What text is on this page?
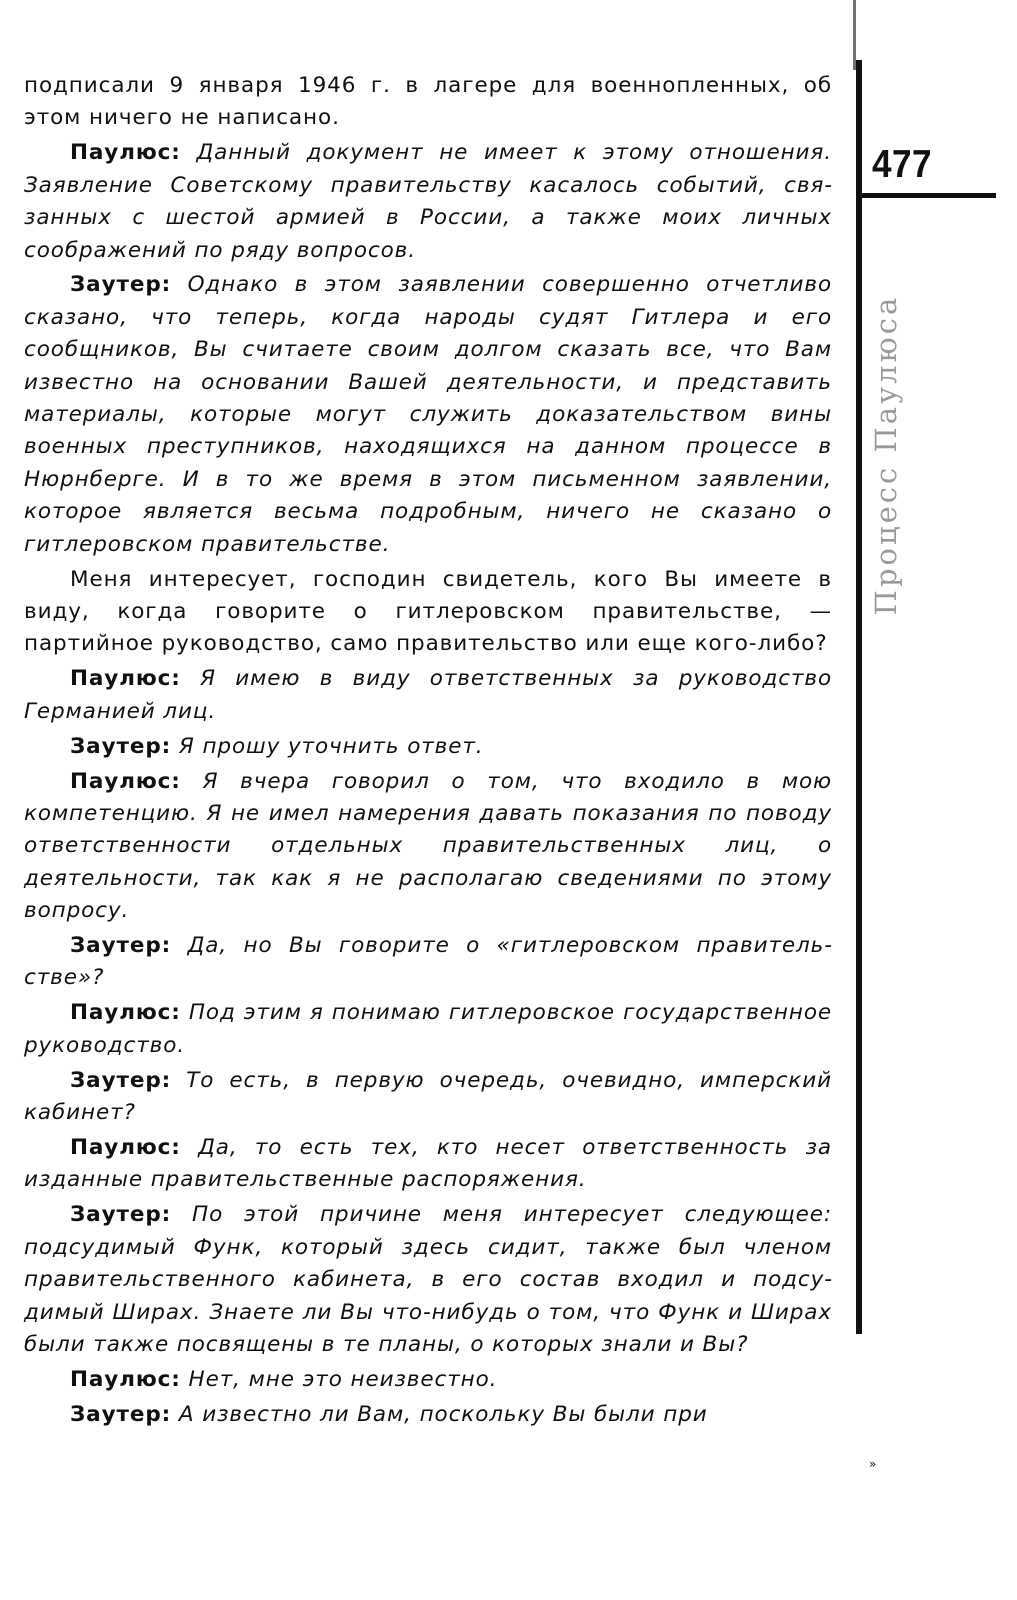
477
Процесс Паулюса
»

подписали 9 января 1946 г. в лагере для военнопленных, об этом ничего не написано.

Паулюс: Данный документ не имеет к этому отношения. Заявление Советскому правительству касалось событий, связанных с шестой армией в России, а также моих личных соображений по ряду вопросов.

Заутер: Однако в этом заявлении совершенно отчетливо сказано, что теперь, когда народы судят Гитлера и его сообщников, Вы считаете своим долгом сказать все, что Вам известно на основании Вашей деятельности, и представить материалы, которые могут служить доказательством вины военных преступников, находящихся на данном процессе в Нюрнберге. И в то же время в этом письменном заявлении, которое является весьма подробным, ничего не сказано о гитлеровском правительстве.

Меня интересует, господин свидетель, кого Вы имеете в виду, когда говорите о гитлеровском правительстве, — партийное руководство, само правительство или еще кого-либо?

Паулюс: Я имею в виду ответственных за руководство Германией лиц.

Заутер: Я прошу уточнить ответ.

Паулюс: Я вчера говорил о том, что входило в мою компетенцию. Я не имел намерения давать показания по поводу ответственности отдельных правительственных лиц, о деятельности, так как я не располагаю сведениями по этому вопросу.

Заутер: Да, но Вы говорите о «гитлеровском правительстве»?

Паулюс: Под этим я понимаю гитлеровское государственное руководство.

Заутер: То есть, в первую очередь, очевидно, имперский кабинет?

Паулюс: Да, то есть тех, кто несет ответственность за изданные правительственные распоряжения.

Заутер: По этой причине меня интересует следующее: подсудимый Функ, который здесь сидит, также был членом правительственного кабинета, в его состав входил и подсудимый Ширах. Знаете ли Вы что-нибудь о том, что Функ и Ширах были также посвящены в те планы, о которых знали и Вы?

Паулюс: Нет, мне это неизвестно.

Заутер: А известно ли Вам, поскольку Вы были при
